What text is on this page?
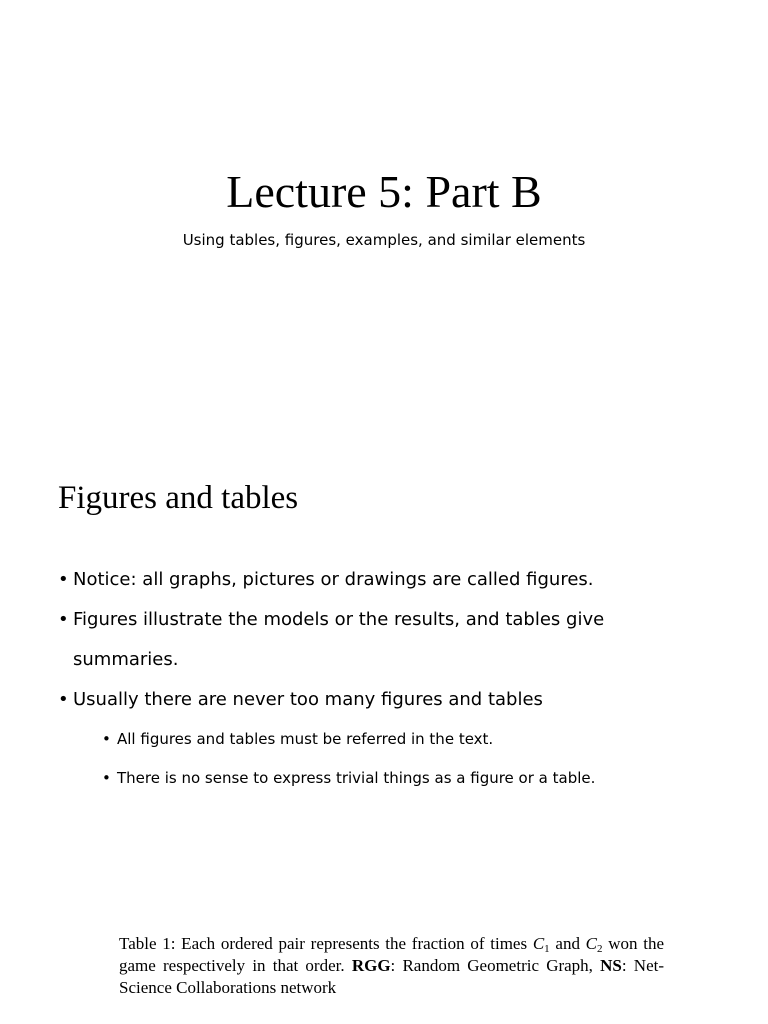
Lecture 5: Part B

Using tables, figures, examples, and similar elements

Figures and tables
• Notice: all graphs, pictures or drawings are called figures.
• Figures illustrate the models or the results, and tables give summaries.
• Usually there are never too many figures and tables
• All figures and tables must be referred in the text.
• There is no sense to express trivial things as a figure or a table.

Table 1: Each ordered pair represents the fraction of times $C_1$ and $C_2$ won the game respectively in that order. RGG: Random Geometric Graph, NS: Net-Science Collaborations network
